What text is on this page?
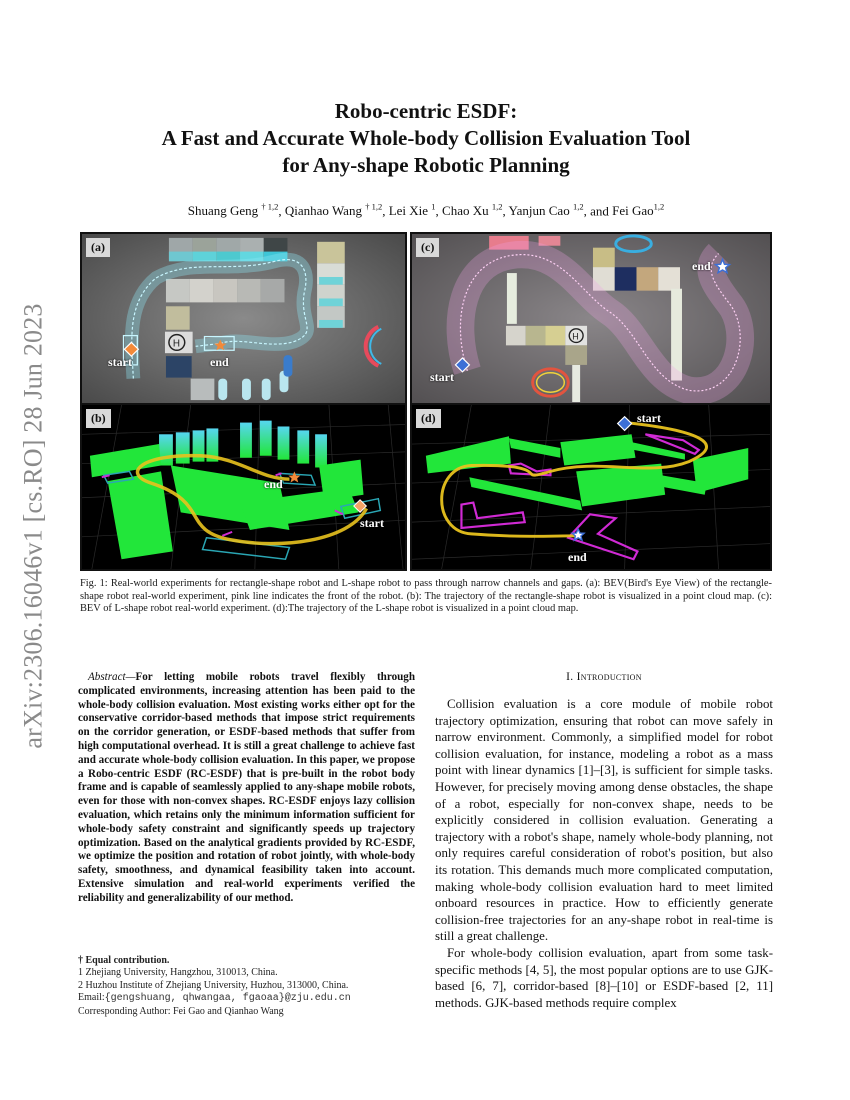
arXiv:2306.16046v1 [cs.RO] 28 Jun 2023
Robo-centric ESDF:
A Fast and Accurate Whole-body Collision Evaluation Tool
for Any-shape Robotic Planning
Shuang Geng $^{\dagger 1,2}$, Qianhao Wang $^{\dagger 1,2}$, Lei Xie $^1$, Chao Xu $^{1,2}$, Yanjun Cao $^{1,2}$, and Fei Gao$^{1,2}$
H
(a)
start	end
H
(c)
start
end
(b)
end
start
(d)	start
end
Fig. 1: Real-world experiments for rectangle-shape robot and L-shape robot to pass through narrow channels and gaps. (a): BEV(Bird's Eye View) of the rectangle-shape robot real-world experiment, pink line indicates the front of the robot. (b): The trajectory of the rectangle-shape robot is visualized in a point cloud map. (c): BEV of L-shape robot real-world experiment. (d):The trajectory of the L-shape robot is visualized in a point cloud map.

Abstract—For letting mobile robots travel flexibly through complicated environments, increasing attention has been paid to the whole-body collision evaluation. Most existing works either opt for the conservative corridor-based methods that impose strict requirements on the corridor generation, or ESDF-based methods that suffer from high computational overhead. It is still a great challenge to achieve fast and accurate whole-body collision evaluation. In this paper, we propose a Robo-centric ESDF (RC-ESDF) that is pre-built in the robot body frame and is capable of seamlessly applied to any-shape mobile robots, even for those with non-convex shapes. RC-ESDF enjoys lazy collision evaluation, which retains only the minimum information sufficient for whole-body safety constraint and significantly speeds up trajectory optimization. Based on the analytical gradients provided by RC-ESDF, we optimize the position and rotation of robot jointly, with whole-body safety, smoothness, and dynamical feasibility taken into account. Extensive simulation and real-world experiments verified the reliability and generalizability of our method.

† Equal contribution.
1 Zhejiang University, Hangzhou, 310013, China.
2 Huzhou Institute of Zhejiang University, Huzhou, 313000, China.
Email:{gengshuang, qhwangaa, fgaoaa}@zju.edu.cn
Corresponding Author: Fei Gao and Qianhao Wang
I. Introduction

Collision evaluation is a core module of mobile robot trajectory optimization, ensuring that robot can move safely in narrow environment. Commonly, a simplified model for robot collision evaluation, for instance, modeling a robot as a mass point with linear dynamics [1]–[3], is sufficient for simple tasks. However, for precisely moving among dense obstacles, the shape of a robot, especially for non-convex shape, needs to be explicitly considered in collision evaluation. Generating a trajectory with a robot's shape, namely whole-body planning, not only requires careful consideration of robot's position, but also its rotation. This demands much more complicated computation, making whole-body collision evaluation hard to meet limited onboard resources in practice. How to efficiently generate collision-free trajectories for an any-shape robot in real-time is still a great challenge.

For whole-body collision evaluation, apart from some task-specific methods [4, 5], the most popular options are to use GJK-based [6, 7], corridor-based [8]–[10] or ESDF-based [2, 11] methods. GJK-based methods require complex
